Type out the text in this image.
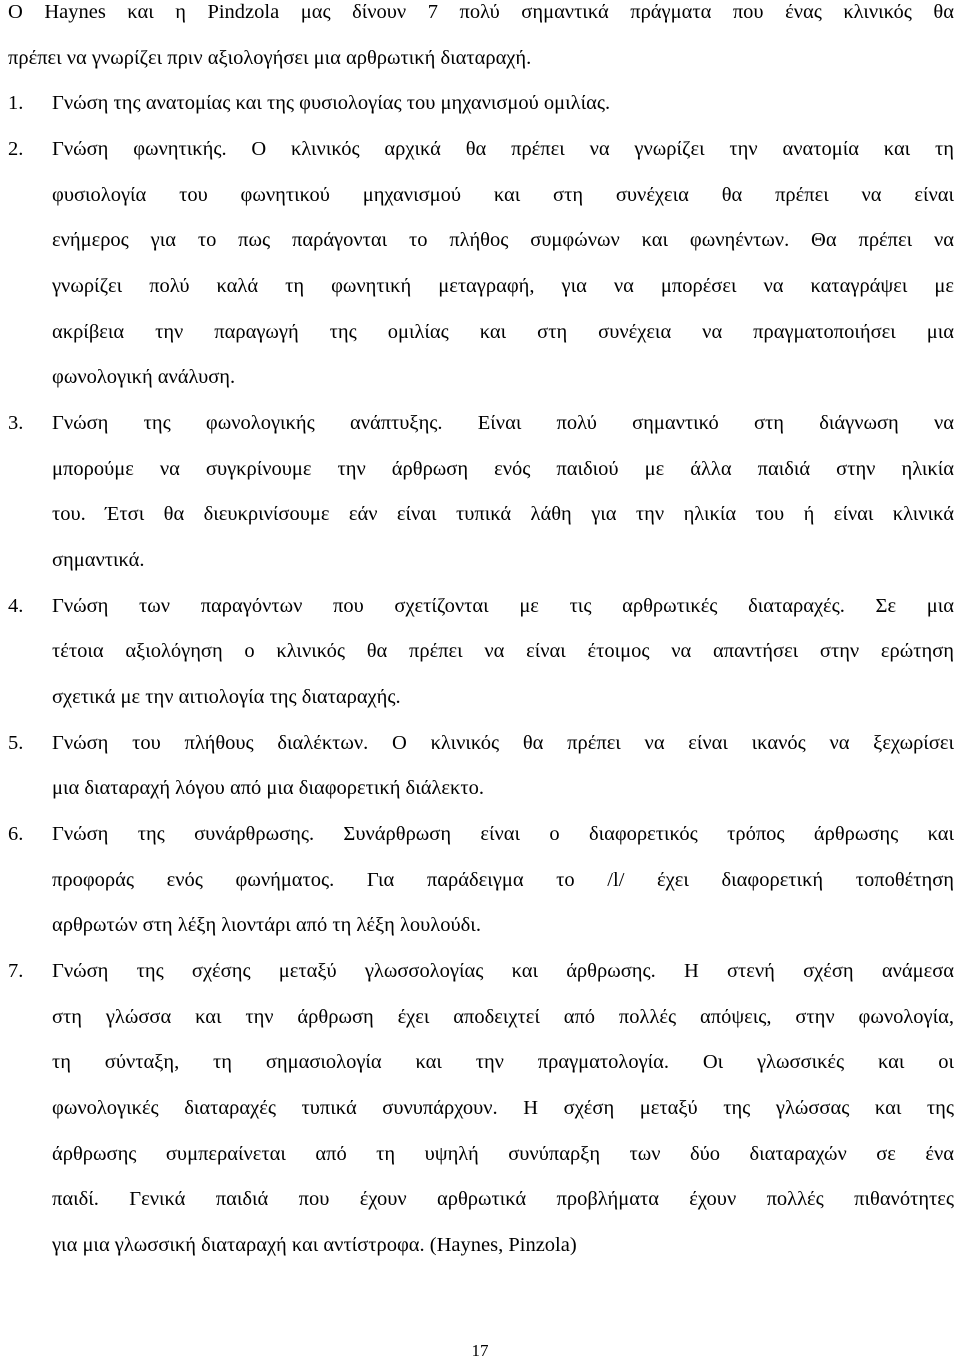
Ο Haynes και η Pindzola μας δίνουν 7 πολύ σημαντικά πράγματα που ένας κλινικός θα
πρέπει να γνωρίζει πριν αξιολογήσει μια αρθρωτική διαταραχή.
1. Γνώση της ανατομίας και της φυσιολογίας του μηχανισμού ομιλίας.
2. Γνώση φωνητικής. Ο κλινικός αρχικά θα πρέπει να γνωρίζει την ανατομία και τη
φυσιολογία του φωνητικού μηχανισμού και στη συνέχεια θα πρέπει να είναι
ενήμερος για το πως παράγονται το πλήθος συμφώνων και φωνηέντων. Θα πρέπει να
γνωρίζει πολύ καλά τη φωνητική μεταγραφή, για να μπορέσει να καταγράψει με
ακρίβεια την παραγωγή της ομιλίας και στη συνέχεια να πραγματοποιήσει μια
φωνολογική ανάλυση.
3. Γνώση της φωνολογικής ανάπτυξης. Είναι πολύ σημαντικό στη διάγνωση να
μπορούμε να συγκρίνουμε την άρθρωση ενός παιδιού με άλλα παιδιά στην ηλικία
του. Έτσι θα διευκρινίσουμε εάν είναι τυπικά λάθη για την ηλικία του ή είναι κλινικά
σημαντικά.
4. Γνώση των παραγόντων που σχετίζονται με τις αρθρωτικές διαταραχές. Σε μια
τέτοια αξιολόγηση ο κλινικός θα πρέπει να είναι έτοιμος να απαντήσει στην ερώτηση
σχετικά με την αιτιολογία της διαταραχής.
5. Γνώση του πλήθους διαλέκτων. Ο κλινικός θα πρέπει να είναι ικανός να ξεχωρίσει
μια διαταραχή λόγου από μια διαφορετική διάλεκτο.
6. Γνώση της συνάρθρωσης. Συνάρθρωση είναι ο διαφορετικός τρόπος άρθρωσης και
προφοράς ενός φωνήματος. Για παράδειγμα το /l/ έχει διαφορετική τοποθέτηση
αρθρωτών στη λέξη λιοντάρι από τη λέξη λουλούδι.
7. Γνώση της σχέσης μεταξύ γλωσσολογίας και άρθρωσης. Η στενή σχέση ανάμεσα
στη γλώσσα και την άρθρωση έχει αποδειχτεί από πολλές απόψεις, στην φωνολογία,
τη σύνταξη, τη σημασιολογία και την πραγματολογία. Οι γλωσσικές και οι
φωνολογικές διαταραχές τυπικά συνυπάρχουν. Η σχέση μεταξύ της γλώσσας και της
άρθρωσης συμπεραίνεται από τη υψηλή συνύπαρξη των δύο διαταραχών σε ένα
παιδί. Γενικά παιδιά που έχουν αρθρωτικά προβλήματα έχουν πολλές πιθανότητες
για μια γλωσσική διαταραχή και αντίστροφα. (Haynes, Pinzola)
17
